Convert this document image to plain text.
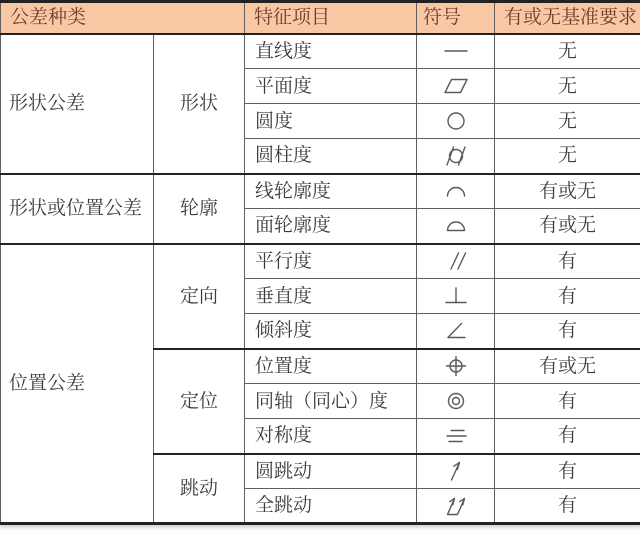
公差种类		特征项目	符号	有或无基准要求
形状公差	形状	直线度		无
		平面度		无
		圆度		无
		圆柱度		无
形状或位置公差	轮廓	线轮廓度		有或无
		面轮廓度		有或无
位置公差	定向	平行度		有
		垂直度		有
		倾斜度		有
	定位	位置度		有或无
		同轴（同心）度		有
		对称度		有
	跳动	圆跳动		有
		全跳动		有
